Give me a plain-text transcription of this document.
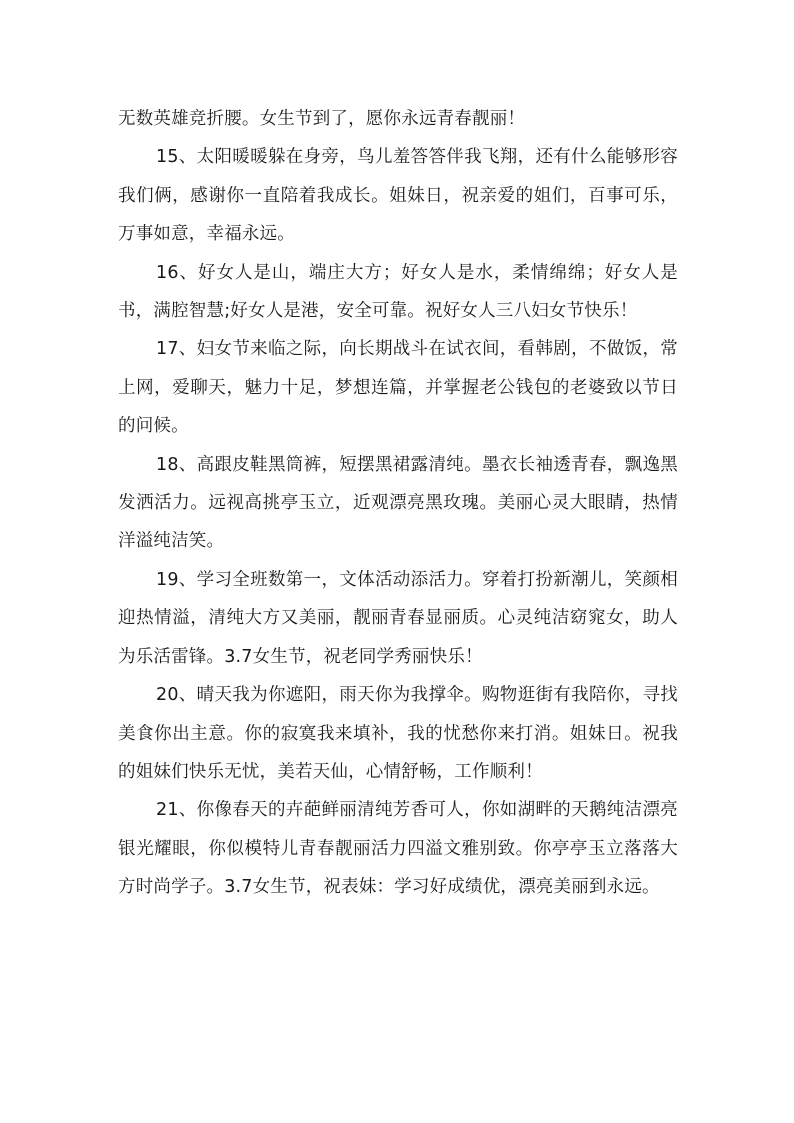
无数英雄竞折腰。女生节到了，愿你永远青春靓丽！

15、太阳暖暖躲在身旁，鸟儿羞答答伴我飞翔，还有什么能够形容我们俩，感谢你一直陪着我成长。姐妹日，祝亲爱的姐们，百事可乐，万事如意，幸福永远。

16、好女人是山，端庄大方；好女人是水，柔情绵绵；好女人是书，满腔智慧;好女人是港，安全可靠。祝好女人三八妇女节快乐！

17、妇女节来临之际，向长期战斗在试衣间，看韩剧，不做饭，常上网，爱聊天，魅力十足，梦想连篇，并掌握老公钱包的老婆致以节日的问候。

18、高跟皮鞋黑筒裤，短摆黑裙露清纯。墨衣长袖透青春，飘逸黑发洒活力。远视高挑亭玉立，近观漂亮黑玫瑰。美丽心灵大眼睛，热情洋溢纯洁笑。

19、学习全班数第一，文体活动添活力。穿着打扮新潮儿，笑颜相迎热情溢，清纯大方又美丽，靓丽青春显丽质。心灵纯洁窈窕女，助人为乐活雷锋。3.7女生节，祝老同学秀丽快乐！

20、晴天我为你遮阳，雨天你为我撑伞。购物逛街有我陪你，寻找美食你出主意。你的寂寞我来填补，我的忧愁你来打消。姐妹日。祝我的姐妹们快乐无忧，美若天仙，心情舒畅，工作顺利！

21、你像春天的卉葩鲜丽清纯芳香可人，你如湖畔的天鹅纯洁漂亮银光耀眼，你似模特儿青春靓丽活力四溢文雅别致。你亭亭玉立落落大方时尚学子。3.7女生节，祝表妹：学习好成绩优，漂亮美丽到永远。
